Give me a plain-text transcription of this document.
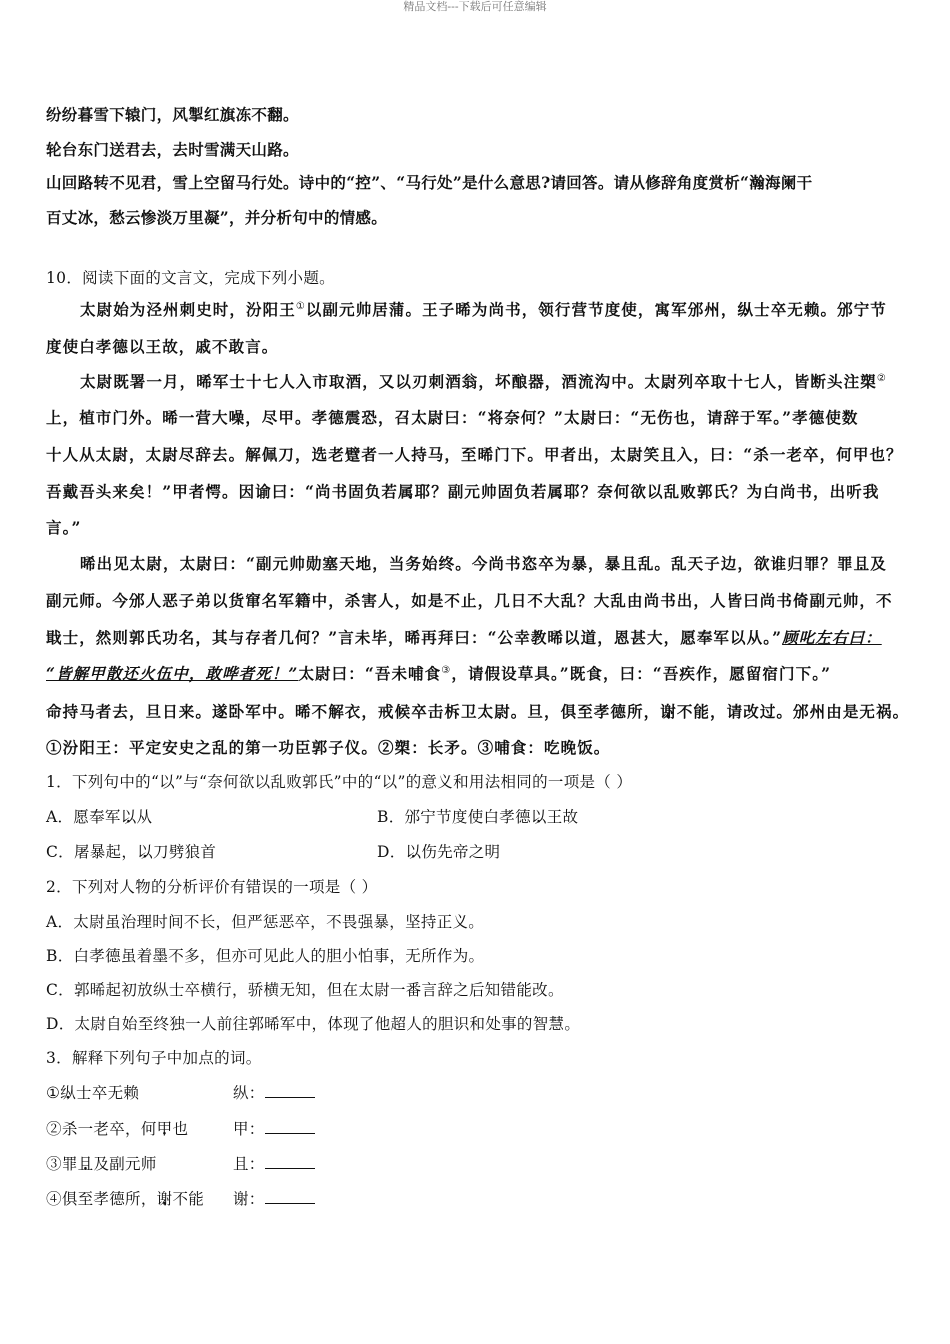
精品文档---下载后可任意编辑
纷纷暮雪下辕门，风掣红旗冻不翻。
轮台东门送君去，去时雪满天山路。
山回路转不见君，雪上空留马行处。诗中的“控”、“马行处”是什么意思?请回答。请从修辞角度赏析“瀚海阑干
百丈冰，愁云惨淡万里凝”，并分析句中的情感。
10．阅读下面的文言文，完成下列小题。
太尉始为泾州刺史时，汾阳王①以副元帅居蒲。王子晞为尚书，领行营节度使，寓军邠州，纵士卒无赖。邠宁节
度使白孝德以王故，戚不敢言。
太尉既署一月，晞军士十七人入市取酒，又以刃刺酒翁，坏酿器，酒流沟中。太尉列卒取十七人，皆断头注槊②
上，植市门外。晞一营大噪，尽甲。孝德震恐，召太尉曰：“将奈何？”太尉曰：“无伤也，请辞于军。”孝德使数
十人从太尉，太尉尽辞去。解佩刀，选老躄者一人持马，至晞门下。甲者出，太尉笑且入，曰：“杀一老卒，何甲也？
吾戴吾头来矣！”甲者愕。因谕曰：“尚书固负若属耶？副元帅固负若属耶？奈何欲以乱败郭氏？为白尚书，出听我
言。”
晞出见太尉，太尉曰：“副元帅勋塞天地，当务始终。今尚书恣卒为暴，暴且乱。乱天子边，欲谁归罪？罪且及
副元师。今邠人恶子弟以货窜名军籍中，杀害人，如是不止，几日不大乱？大乱由尚书出，人皆曰尚书倚副元帅，不
戢士，然则郭氏功名，其与存者几何？”言未毕，晞再拜曰：“公幸教晞以道，恩甚大，愿奉军以从。”顾叱左右曰：
“皆解甲散还火伍中，敢哗者死！”太尉曰：“吾未哺食③，请假设草具。”既食，曰：“吾疾作，愿留宿门下。”
命持马者去，旦日来。遂卧军中。晞不解衣，戒候卒击柝卫太尉。旦，俱至孝德所，谢不能，请改过。邠州由是无祸。
①汾阳王：平定安史之乱的第一功臣郭子仪。②槊：长矛。③哺食：吃晚饭。
1．下列句中的“以”与“奈何欲以乱败郭氏”中的“以”的意义和用法相同的一项是（ ）
A．愿奉军以从	B．邠宁节度使白孝德以王故
C．屠暴起，以刀劈狼首	D．以伤先帝之明
2．下列对人物的分析评价有错误的一项是（ ）
A．太尉虽治理时间不长，但严惩恶卒，不畏强暴，坚持正义。
B．白孝德虽着墨不多，但亦可见此人的胆小怕事，无所作为。
C．郭晞起初放纵士卒横行，骄横无知，但在太尉一番言辞之后知错能改。
D．太尉自始至终独一人前往郭晞军中，体现了他超人的胆识和处事的智慧。
3．解释下列句子中加点的词。
①纵士卒无赖	纵：
②杀一老卒，何甲也	甲：
③罪且及副元师	且：
④俱至孝德所，谢不能 谢：
